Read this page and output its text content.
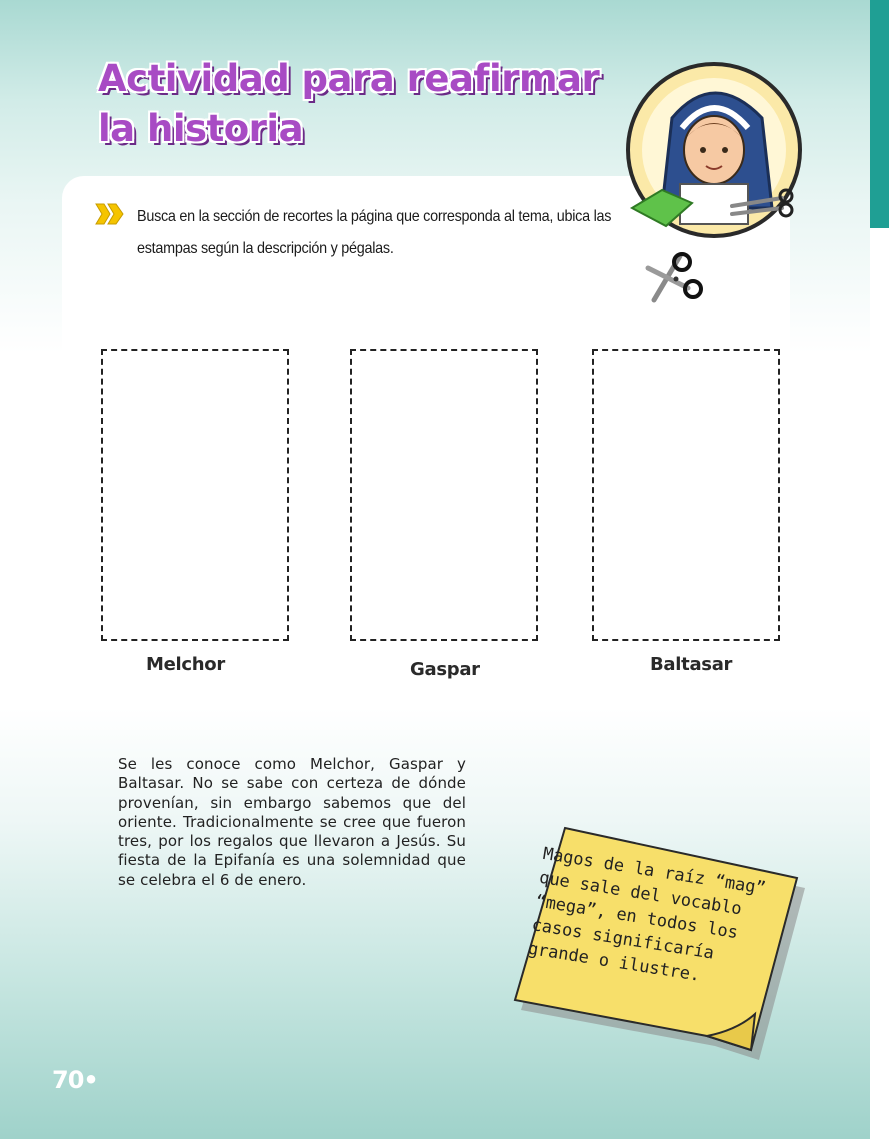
Actividad para reafirmar
la historia

Busca en la sección de recortes la página que corresponda al tema, ubica las estampas según la descripción y pégalas.

Melchor	Gaspar	Baltasar

Se les conoce como Melchor, Gaspar y Baltasar. No se sabe con certeza de dónde provenían, sin embargo sabemos que del oriente. Tradicionalmente se cree que fueron tres, por los regalos que llevaron a Jesús. Su fiesta de la Epifanía es una solemnidad que se celebra el 6 de enero.	Magos de la raíz “mag” que sale del vocablo “mega”, en todos los casos significaría grande o ilustre.

70•
